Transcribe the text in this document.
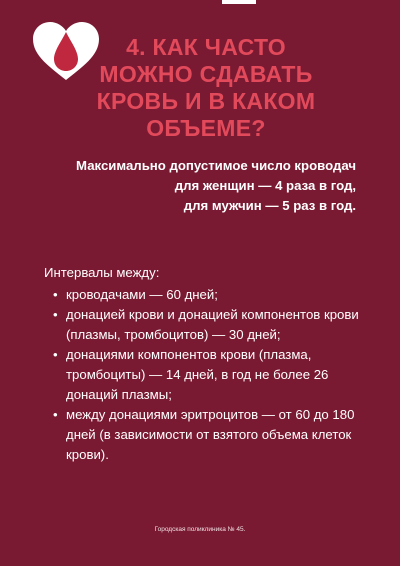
4. КАК ЧАСТО МОЖНО СДАВАТЬ КРОВЬ И В КАКОМ ОБЪЕМЕ?
Максимально допустимое число кроводач
для женщин — 4 раза в год,
для мужчин — 5 раз в год.

Интервалы между:

• кроводачами — 60 дней;
• донацией крови и донацией компонентов крови (плазмы, тромбоцитов) — 30 дней;
• донациями компонентов крови (плазма, тромбоциты) — 14 дней, в год не более 26 донаций плазмы;
• между донациями эритроцитов — от 60 до 180 дней (в зависимости от взятого объема клеток крови).
Городская поликлиника № 45.
